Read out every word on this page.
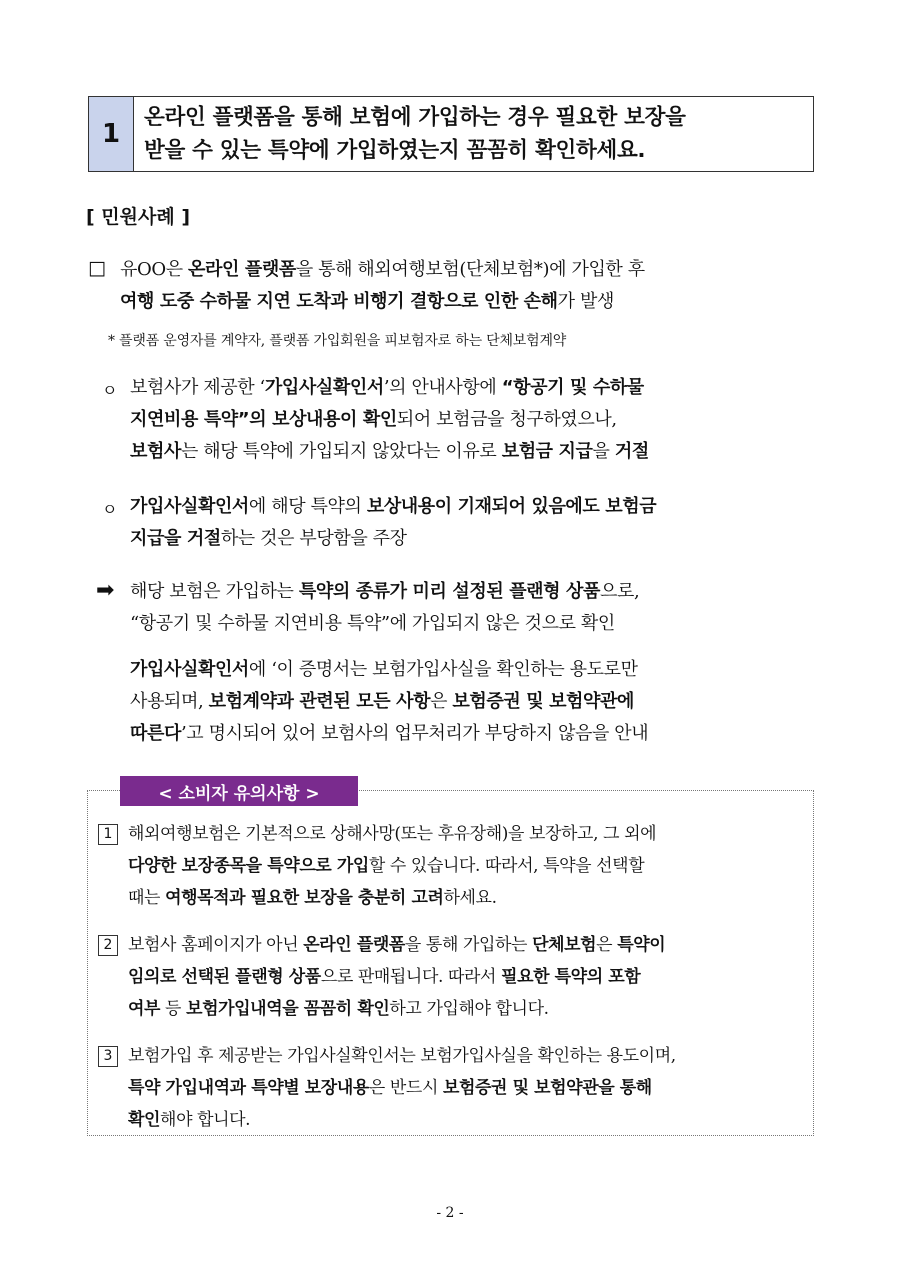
1
온라인 플랫폼을 통해 보험에 가입하는 경우 필요한 보장을
받을 수 있는 특약에 가입하였는지 꼼꼼히 확인하세요.
[ 민원사례 ]
□ 유OO은 온라인 플랫폼을 통해 해외여행보험(단체보험*)에 가입한 후
여행 도중 수하물 지연 도착과 비행기 결항으로 인한 손해가 발생
* 플랫폼 운영자를 계약자, 플랫폼 가입회원을 피보험자로 하는 단체보험계약
ㅇ 보험사가 제공한 ‘가입사실확인서’의 안내사항에 “항공기 및 수하물
지연비용 특약”의 보상내용이 확인되어 보험금을 청구하였으나,
보험사는 해당 특약에 가입되지 않았다는 이유로 보험금 지급을 거절
ㅇ 가입사실확인서에 해당 특약의 보상내용이 기재되어 있음에도 보험금
지급을 거절하는 것은 부당함을 주장
➡ 해당 보험은 가입하는 특약의 종류가 미리 설정된 플랜형 상품으로,
“항공기 및 수하물 지연비용 특약”에 가입되지 않은 것으로 확인
가입사실확인서에 ‘이 증명서는 보험가입사실을 확인하는 용도로만
사용되며, 보험계약과 관련된 모든 사항은 보험증권 및 보험약관에
따른다’고 명시되어 있어 보험사의 업무처리가 부당하지 않음을 안내
< 소비자 유의사항 >
1 해외여행보험은 기본적으로 상해사망(또는 후유장해)을 보장하고, 그 외에
다양한 보장종목을 특약으로 가입할 수 있습니다. 따라서, 특약을 선택할
때는 여행목적과 필요한 보장을 충분히 고려하세요.
2 보험사 홈페이지가 아닌 온라인 플랫폼을 통해 가입하는 단체보험은 특약이
임의로 선택된 플랜형 상품으로 판매됩니다. 따라서 필요한 특약의 포함
여부 등 보험가입내역을 꼼꼼히 확인하고 가입해야 합니다.
3 보험가입 후 제공받는 가입사실확인서는 보험가입사실을 확인하는 용도이며,
특약 가입내역과 특약별 보장내용은 반드시 보험증권 및 보험약관을 통해
확인해야 합니다.
- 2 -
